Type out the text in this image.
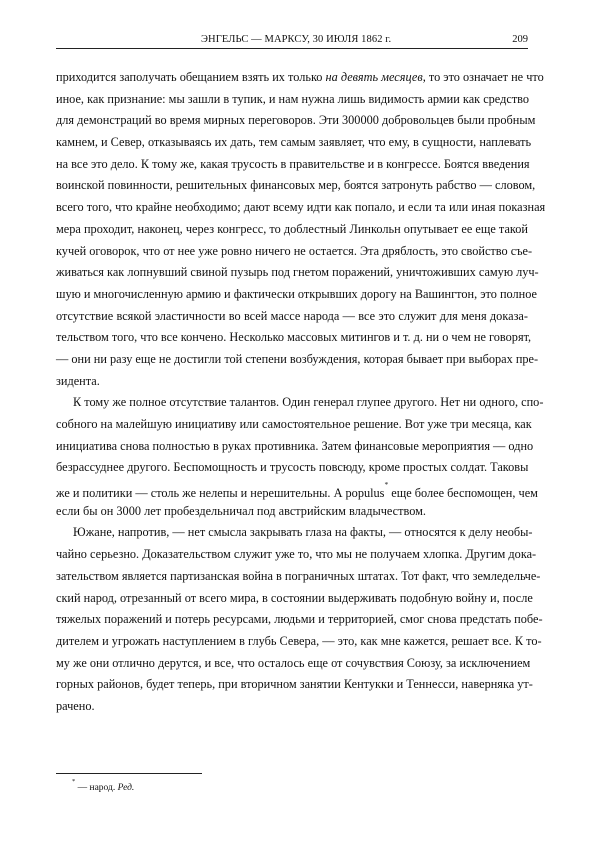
ЭНГЕЛЬС — МАРКСУ, 30 ИЮЛЯ 1862 г.	209
приходится заполучать обещанием взять их только на девять месяцев, то это означает не что
иное, как признание: мы зашли в тупик, и нам нужна лишь видимость армии как средство
для демонстраций во время мирных переговоров. Эти 300000 добровольцев были пробным
камнем, и Север, отказываясь их дать, тем самым заявляет, что ему, в сущности, наплевать
на все это дело. К тому же, какая трусость в правительстве и в конгрессе. Боятся введения
воинской повинности, решительных финансовых мер, боятся затронуть рабство — словом,
всего того, что крайне необходимо; дают всему идти как попало, и если та или иная показная
мера проходит, наконец, через конгресс, то доблестный Линкольн опутывает ее еще такой
кучей оговорок, что от нее уже ровно ничего не остается. Эта дряблость, это свойство съе-
живаться как лопнувший свиной пузырь под гнетом поражений, уничтоживших самую луч-
шую и многочисленную армию и фактически открывших дорогу на Вашингтон, это полное
отсутствие всякой эластичности во всей массе народа — все это служит для меня доказа-
тельством того, что все кончено. Несколько массовых митингов и т. д. ни о чем не говорят,
— они ни разу еще не достигли той степени возбуждения, которая бывает при выборах пре-
зидента.
К тому же полное отсутствие талантов. Один генерал глупее другого. Нет ни одного, спо-
собного на малейшую инициативу или самостоятельное решение. Вот уже три месяца, как
инициатива снова полностью в руках противника. Затем финансовые мероприятия — одно
безрассуднее другого. Беспомощность и трусость повсюду, кроме простых солдат. Таковы
же и политики — столь же нелепы и нерешительны. А populus* еще более беспомощен, чем
если бы он 3000 лет пробездельничал под австрийским владычеством.
Южане, напротив, — нет смысла закрывать глаза на факты, — относятся к делу необы-
чайно серьезно. Доказательством служит уже то, что мы не получаем хлопка. Другим дока-
зательством является партизанская война в пограничных штатах. Тот факт, что земледельче-
ский народ, отрезанный от всего мира, в состоянии выдерживать подобную войну и, после
тяжелых поражений и потерь ресурсами, людьми и территорией, смог снова предстать побе-
дителем и угрожать наступлением в глубь Севера, — это, как мне кажется, решает все. К то-
му же они отлично дерутся, и все, что осталось еще от сочувствия Союзу, за исключением
горных районов, будет теперь, при вторичном занятии Кентукки и Теннесси, наверняка ут-
рачено.
* — народ. Ред.
